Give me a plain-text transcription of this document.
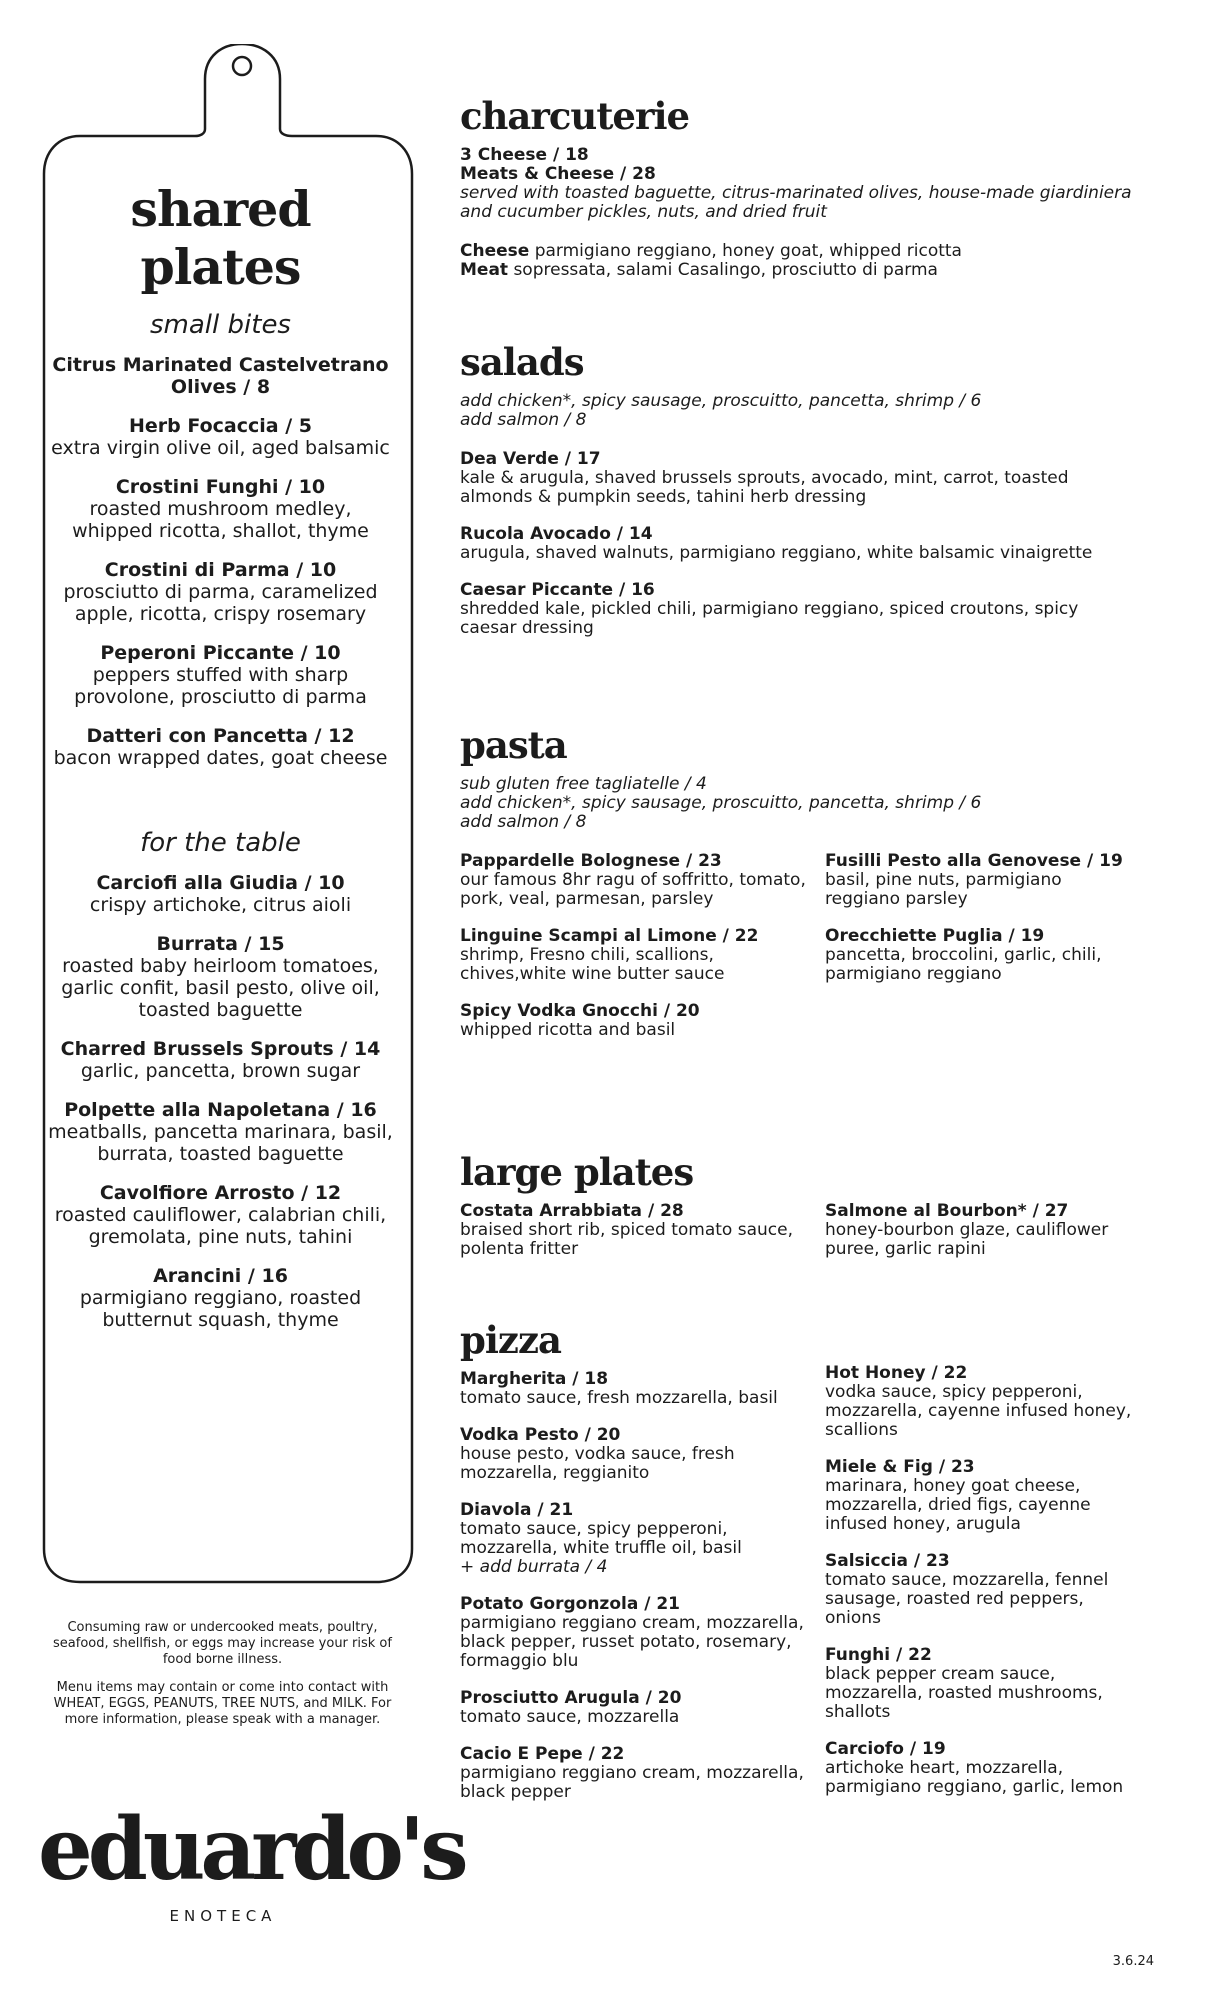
shared plates
small bites
Citrus Marinated Castelvetrano Olives / 8
Herb Focaccia / 5
extra virgin olive oil, aged balsamic
Crostini Funghi / 10
roasted mushroom medley, whipped ricotta, shallot, thyme
Crostini di Parma / 10
prosciutto di parma, caramelized apple, ricotta, crispy rosemary
Peperoni Piccante / 10
peppers stuffed with sharp provolone, prosciutto di parma
Datteri con Pancetta / 12
bacon wrapped dates, goat cheese
for the table
Carciofi alla Giudia / 10
crispy artichoke, citrus aioli
Burrata / 15
roasted baby heirloom tomatoes, garlic confit, basil pesto, olive oil, toasted baguette
Charred Brussels Sprouts / 14
garlic, pancetta, brown sugar
Polpette alla Napoletana / 16
meatballs, pancetta marinara, basil, burrata, toasted baguette
Cavolfiore Arrosto / 12
roasted cauliflower, calabrian chili, gremolata, pine nuts, tahini
Arancini / 16
parmigiano reggiano, roasted butternut squash, thyme

Consuming raw or undercooked meats, poultry, seafood, shellfish, or eggs may increase your risk of food borne illness.

Menu items may contain or come into contact with WHEAT, EGGS, PEANUTS, TREE NUTS, and MILK. For more information, please speak with a manager.

eduardo's
ENOTECA
3.6.24
charcuterie
3 Cheese / 18
Meats & Cheese / 28
served with toasted baguette, citrus-marinated olives, house-made giardiniera and cucumber pickles, nuts, and dried fruit
Cheese parmigiano reggiano, honey goat, whipped ricotta
Meat sopressata, salami Casalingo, prosciutto di parma
salads
add chicken*, spicy sausage, proscuitto, pancetta, shrimp / 6
add salmon / 8
Dea Verde / 17
kale & arugula, shaved brussels sprouts, avocado, mint, carrot, toasted almonds & pumpkin seeds, tahini herb dressing
Rucola Avocado / 14
arugula, shaved walnuts, parmigiano reggiano, white balsamic vinaigrette
Caesar Piccante / 16
shredded kale, pickled chili, parmigiano reggiano, spiced croutons, spicy caesar dressing
pasta
sub gluten free tagliatelle / 4
add chicken*, spicy sausage, proscuitto, pancetta, shrimp / 6
add salmon / 8
Pappardelle Bolognese / 23
our famous 8hr ragu of soffritto, tomato, pork, veal, parmesan, parsley
Linguine Scampi al Limone / 22
shrimp, Fresno chili, scallions, chives,white wine butter sauce
Spicy Vodka Gnocchi / 20
whipped ricotta and basil
Fusilli Pesto alla Genovese / 19
basil, pine nuts, parmigiano reggiano parsley
Orecchiette Puglia / 19
pancetta, broccolini, garlic, chili, parmigiano reggiano
large plates
Costata Arrabbiata / 28
braised short rib, spiced tomato sauce, polenta fritter
Salmone al Bourbon* / 27
honey-bourbon glaze, cauliflower puree, garlic rapini
pizza
Margherita / 18
tomato sauce, fresh mozzarella, basil
Vodka Pesto / 20
house pesto, vodka sauce, fresh mozzarella, reggianito
Diavola / 21
tomato sauce, spicy pepperoni, mozzarella, white truffle oil, basil
+ add burrata / 4
Potato Gorgonzola / 21
parmigiano reggiano cream, mozzarella, black pepper, russet potato, rosemary, formaggio blu
Prosciutto Arugula / 20
tomato sauce, mozzarella
Cacio E Pepe / 22
parmigiano reggiano cream, mozzarella, black pepper
Hot Honey / 22
vodka sauce, spicy pepperoni, mozzarella, cayenne infused honey, scallions
Miele & Fig / 23
marinara, honey goat cheese, mozzarella, dried figs, cayenne infused honey, arugula
Salsiccia / 23
tomato sauce, mozzarella, fennel sausage, roasted red peppers, onions
Funghi / 22
black pepper cream sauce, mozzarella, roasted mushrooms, shallots
Carciofo / 19
artichoke heart, mozzarella, parmigiano reggiano, garlic, lemon
